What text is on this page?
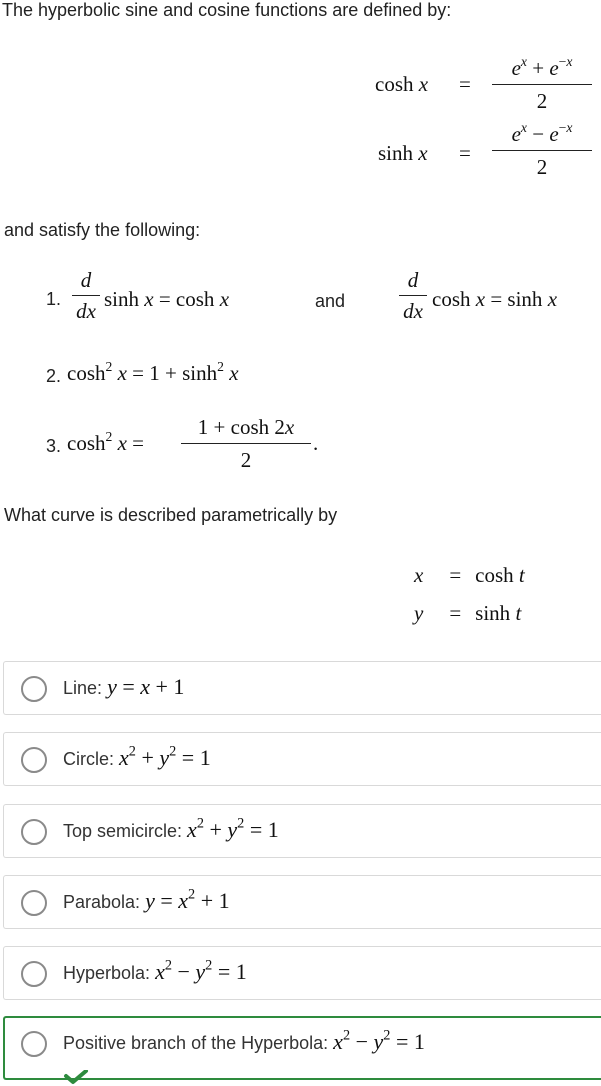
The hyperbolic sine and cosine functions are defined by:
cosh x =
$e^x + e^{-x}$
2
sinh x =
$e^x - e^{-x}$
2
and satisfy the following:
1.
d
dx sinh x = cosh x	and
d
dx cosh x = sinh x
2. $\cosh^2 x = 1 + \sinh^2 x$
3. $\cosh^2 x$ =
1 + cosh 2x
2
.
What curve is described parametrically by
x = cosh t
y = sinh t
Line: y = x + 1
Circle: $x^2 + y^2 = 1$
Top semicircle: $x^2 + y^2 = 1$
Parabola: $y = x^2 + 1$
Hyperbola: $x^2 - y^2 = 1$
Positive branch of the Hyperbola: $x^2 - y^2 = 1$
